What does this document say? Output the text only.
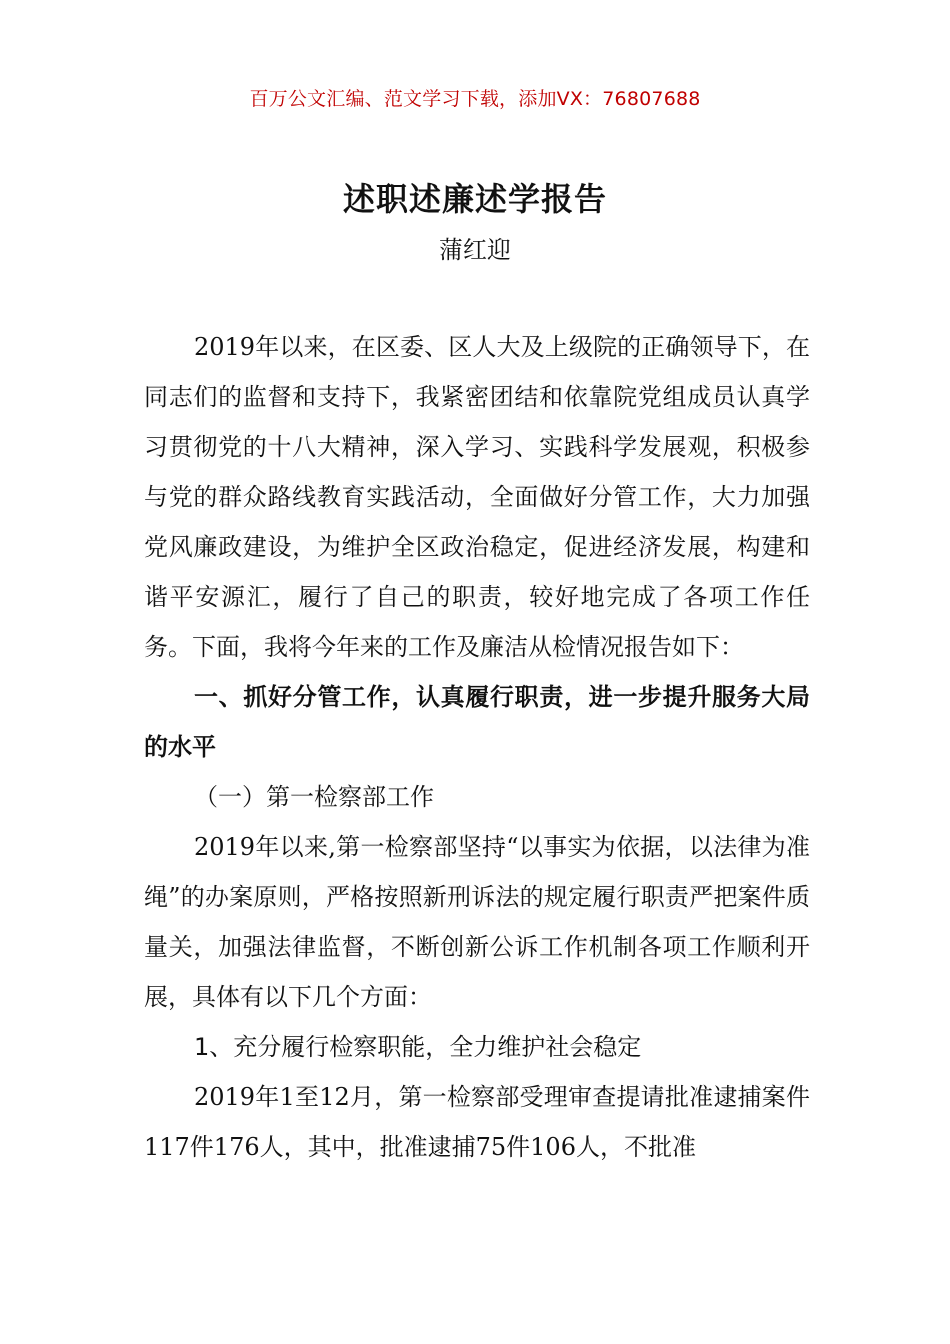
百万公文汇编、范文学习下载，添加VX：76807688
述职述廉述学报告
蒲红迎

2019年以来，在区委、区人大及上级院的正确领导下，在同志们的监督和支持下，我紧密团结和依靠院党组成员认真学习贯彻党的十八大精神，深入学习、实践科学发展观，积极参与党的群众路线教育实践活动，全面做好分管工作，大力加强党风廉政建设，为维护全区政治稳定，促进经济发展，构建和谐平安源汇，履行了自己的职责，较好地完成了各项工作任务。下面，我将今年来的工作及廉洁从检情况报告如下：

一、抓好分管工作，认真履行职责，进一步提升服务大局的水平

（一）第一检察部工作

2019年以来,第一检察部坚持“以事实为依据，以法律为准绳”的办案原则，严格按照新刑诉法的规定履行职责严把案件质量关，加强法律监督，不断创新公诉工作机制各项工作顺利开展，具体有以下几个方面：

1、充分履行检察职能，全力维护社会稳定

2019年1至12月，第一检察部受理审查提请批准逮捕案件117件176人，其中，批准逮捕75件106人，不批准
